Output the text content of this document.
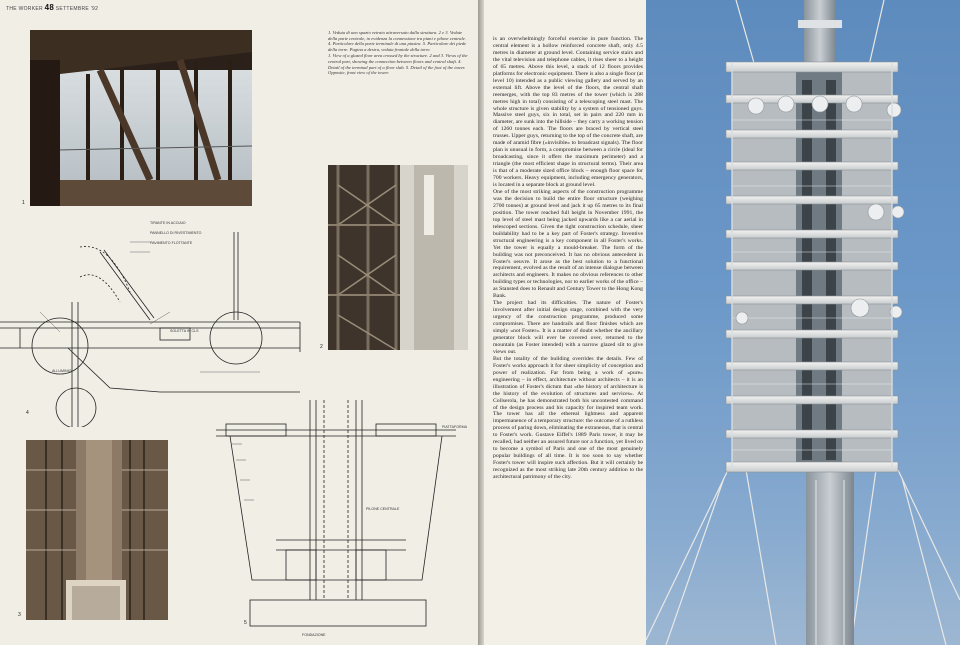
THE WORKER 48 SETTEMBRE '92
1

1. Veduta di uno spazio vetrato attraversato dalla struttura. 2 e 3. Vedute della parte centrale, in evidenza la connessione tra piani e pilone centrale. 4. Particolare della parte terminale di una piastra. 5. Particolare dei piede della torre. Pagina a destra, veduta frontale della torre.

1. View of a glazed floor area crossed by the structure. 2 and 3. Views of the central part, showing the connection between floors and central shaft. 4. Detail of the terminal part of a floor slab. 5. Detail of the foot of the tower. Opposite, front view of the tower.

2
TIRANTE IN ACCIAIO
PANNELLO DI RIVESTIMENTO
PAVIMENTO FLOTTANTE
SOLETTA IN CLS
ALLUMINIO
4
3
PIATTAFORMA
PILONE CENTRALE
FONDAZIONE
5

is an overwhelmingly forceful exercise in pure function. The central element is a hollow reinforced concrete shaft, only 4.5 metres in diameter at ground level. Containing service stairs and the vital television and telephone cables, it rises sheer to a height of 65 metres. Above this level, a stack of 12 floors provides platforms for electronic equipment. There is also a single floor (at level 10) intended as a public viewing gallery and served by an external lift. Above the level of the floors, the central shaft reemerges, with the top 83 metres of the tower (which is 288 metres high in total) consisting of a telescoping steel mast. The whole structure is given stability by a system of tensioned guys. Massive steel guys, six in total, set in pairs and 220 mm in diameter, are sunk into the hillside – they carry a working tension of 1260 tonnes each. The floors are braced by vertical steel trusses. Upper guys, returning to the top of the concrete shaft, are made of aramid fibre («invisible» to broadcast signals). The floor plan is unusual in form, a compromise between a circle (ideal for broadcasting, since it offers the maximum perimeter) and a triangle (the most efficient shape in structural terms). Their area is that of a moderate sized office block – enough floor space for 700 workers. Heavy equipment, including emergency generators, is located in a separate block at ground level.

One of the most striking aspects of the construction programme was the decision to build the entire floor structure (weighing 2700 tonnes) at ground level and jack it up 65 metres to its final position. The tower reached full height in November 1991, the top level of steel mast being jacked upwards like a car aerial in telescoped sections. Given the tight construction schedule, sheer buildability had to be a key part of Foster's strategy. Inventive structural engineering is a key component in all Foster's works. Yet the tower is equally a mould-breaker. The form of the building was not preconceived. It has no obvious antecedent in Foster's oeuvre. It arose as the best solution to a functional requirement, evolved as the result of an intense dialogue between architects and engineers. It makes no obvious references to other building types or technologies, nor to earlier works of the office – as Stansted does to Renault and Century Tower to the Hong Kong Bank.

The project had its difficulties. The nature of Foster's involvement after initial design stage, combined with the very urgency of the construction programme, produced some compromises. There are handrails and floor finishes which are simply «not Foster». It is a matter of doubt whether the ancillary generator block will ever be covered over, returned to the mountain (as Foster intended) with a narrow glazed slit to give views out.

But the totality of the building overrides the details. Few of Foster's works approach it for sheer simplicity of conception and power of realization. Far from being a work of «pure» engineering – in effect, architecture without architects – it is an illustration of Foster's dictum that «the history of architecture is the history of the evolution of structures and services». At Collserola, he has demonstrated both his uncontested command of the design process and his capacity for inspired team work. The tower has all the ethereal lightness and apparent impermanence of a temporary structure: the outcome of a ruthless process of paring down, eliminating the extraneous, that is central to Foster's work. Gustave Eiffel's 1889 Paris tower, it may be recalled, had neither an assured future nor a function, yet lived on to become a symbol of Paris and one of the most genuinely popular buildings of all time. It is too soon to say whether Foster's tower will inspire such affection. But it will certainly be recognized as the most striking late 20th century addition to the architectural patrimony of the city.
